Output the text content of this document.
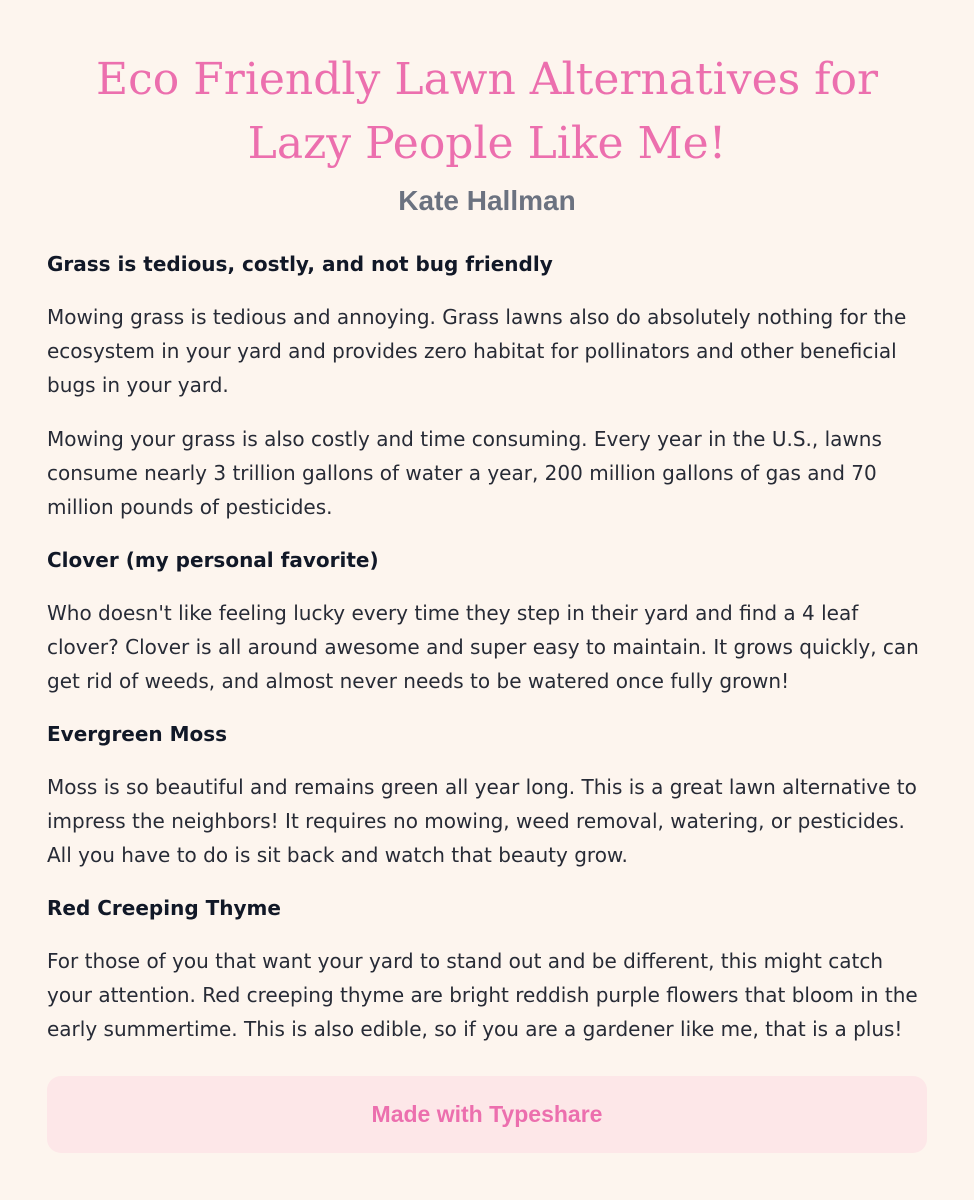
Eco Friendly Lawn Alternatives for Lazy People Like Me!
Kate Hallman
Grass is tedious, costly, and not bug friendly

Mowing grass is tedious and annoying. Grass lawns also do absolutely nothing for the ecosystem in your yard and provides zero habitat for pollinators and other beneficial bugs in your yard.

Mowing your grass is also costly and time consuming. Every year in the U.S., lawns consume nearly 3 trillion gallons of water a year, 200 million gallons of gas and 70 million pounds of pesticides.

Clover (my personal favorite)

Who doesn't like feeling lucky every time they step in their yard and find a 4 leaf clover? Clover is all around awesome and super easy to maintain. It grows quickly, can get rid of weeds, and almost never needs to be watered once fully grown!

Evergreen Moss

Moss is so beautiful and remains green all year long. This is a great lawn alternative to impress the neighbors! It requires no mowing, weed removal, watering, or pesticides. All you have to do is sit back and watch that beauty grow.

Red Creeping Thyme

For those of you that want your yard to stand out and be different, this might catch your attention. Red creeping thyme are bright reddish purple flowers that bloom in the early summertime. This is also edible, so if you are a gardener like me, that is a plus!

Made with Typeshare
